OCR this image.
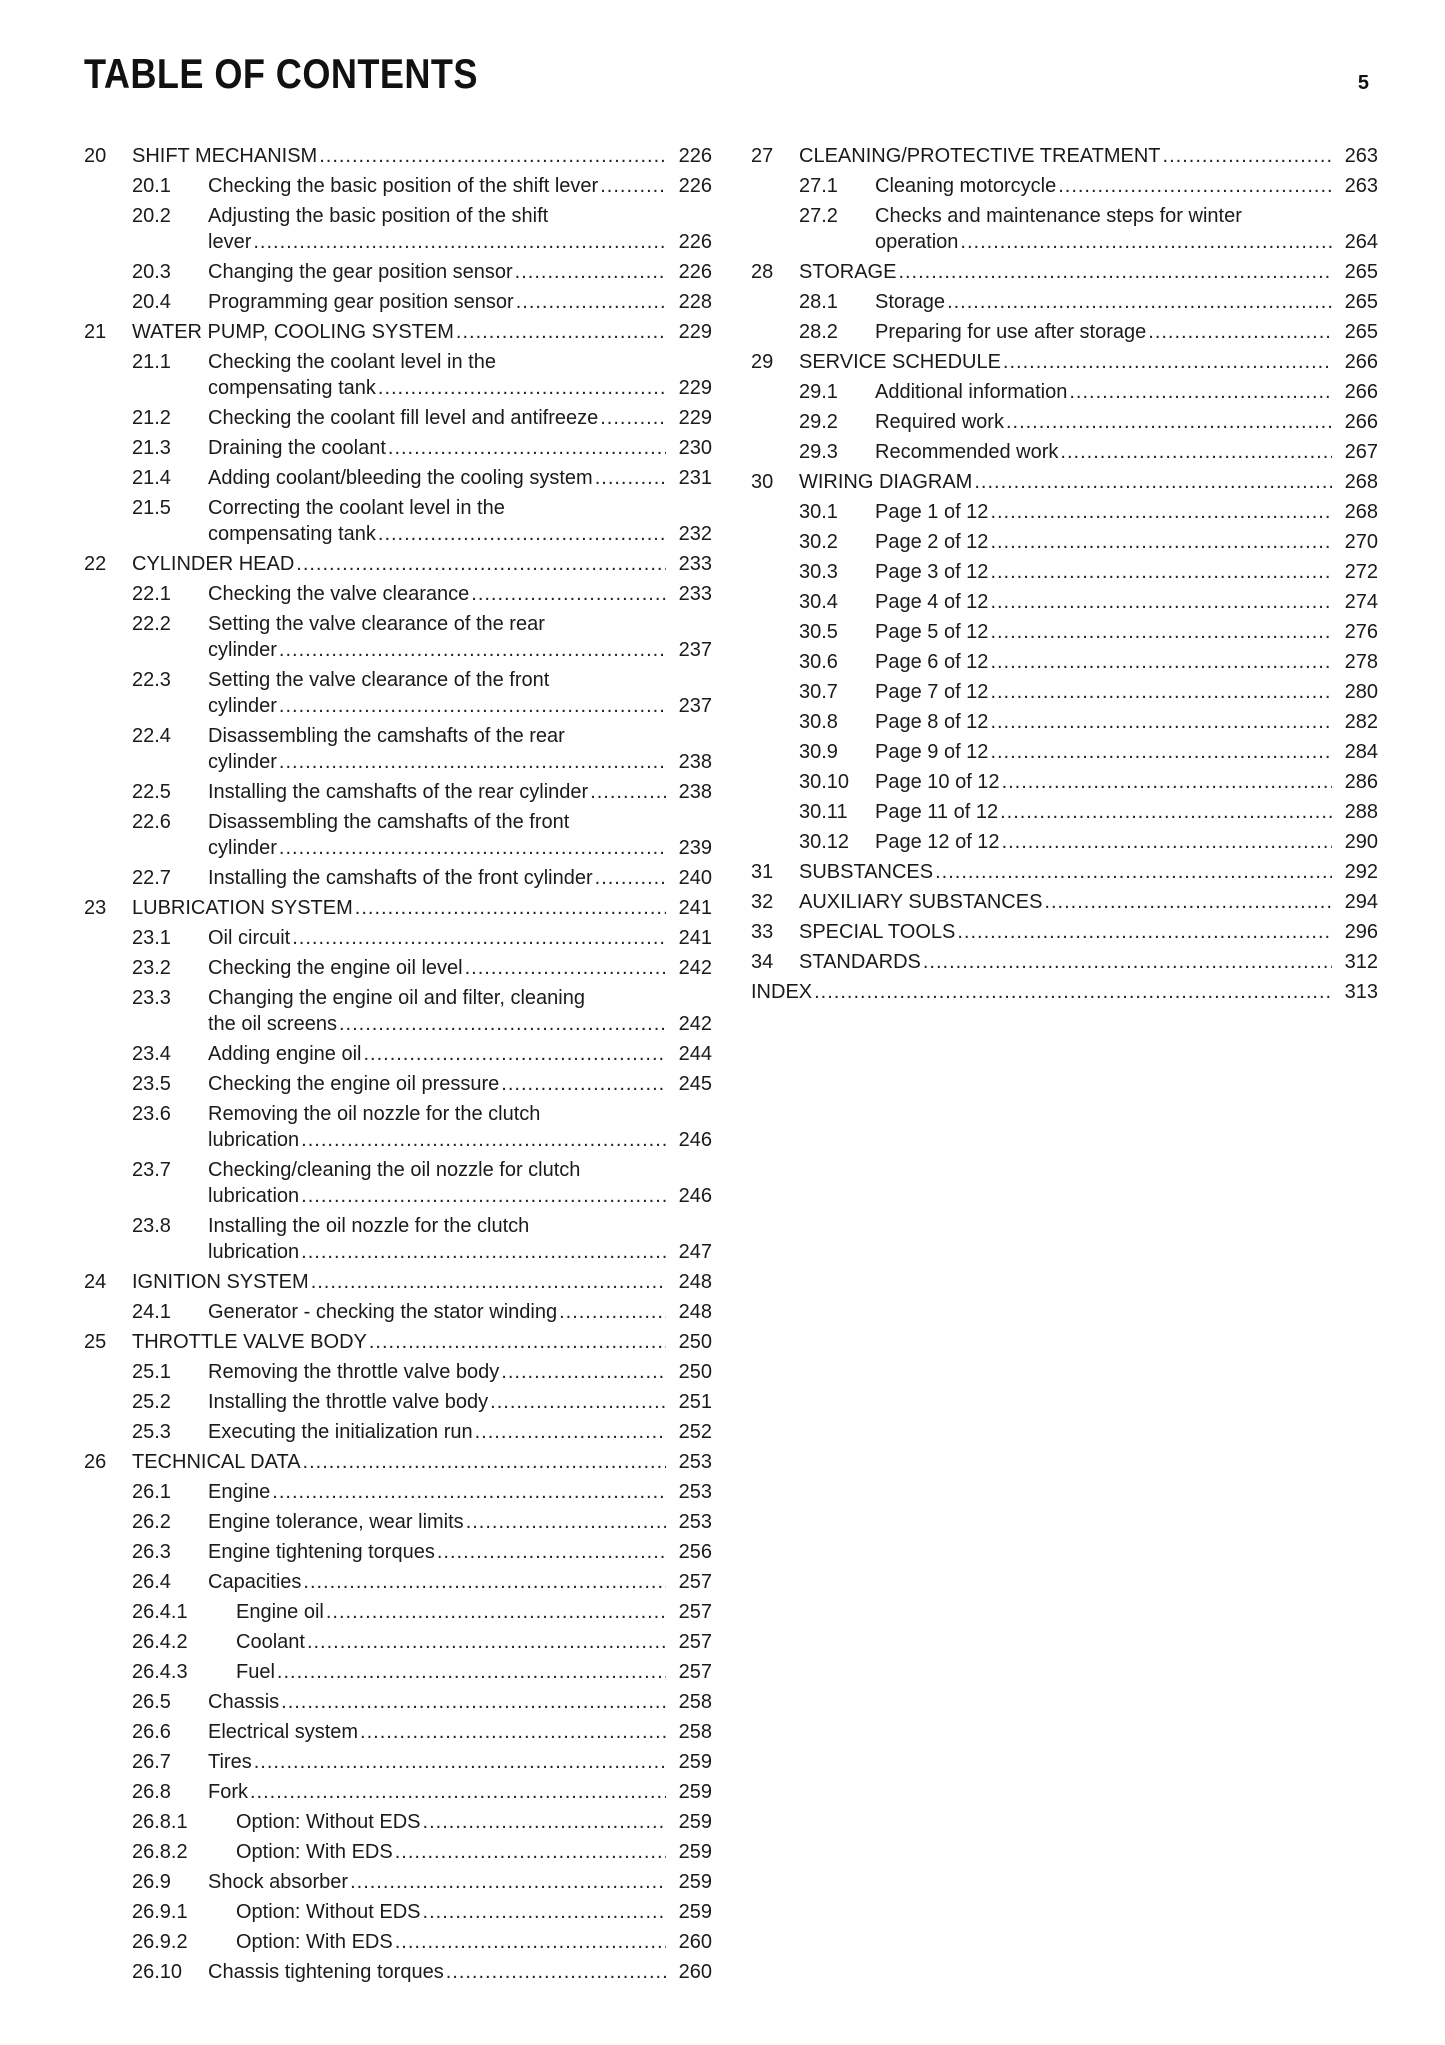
TABLE OF CONTENTS	5
20 SHIFT MECHANISM .....	226
20.1 Checking the basic position of the shift lever .....	226
20.2 Adjusting the basic position of the shift
lever .....	226
20.3 Changing the gear position sensor .....	226
20.4 Programming gear position sensor .....	228
21 WATER PUMP, COOLING SYSTEM .....	229
21.1 Checking the coolant level in the
compensating tank .....	229
21.2 Checking the coolant fill level and antifreeze .....	229
21.3 Draining the coolant .....	230
21.4 Adding coolant/bleeding the cooling system .....	231
21.5 Correcting the coolant level in the
compensating tank .....	232
22 CYLINDER HEAD .....	233
22.1 Checking the valve clearance .....	233
22.2 Setting the valve clearance of the rear
cylinder .....	237
22.3 Setting the valve clearance of the front
cylinder .....	237
22.4 Disassembling the camshafts of the rear
cylinder .....	238
22.5 Installing the camshafts of the rear cylinder .....	238
22.6 Disassembling the camshafts of the front
cylinder .....	239
22.7 Installing the camshafts of the front cylinder .....	240
23 LUBRICATION SYSTEM .....	241
23.1 Oil circuit .....	241
23.2 Checking the engine oil level .....	242
23.3 Changing the engine oil and filter, cleaning
the oil screens .....	242
23.4 Adding engine oil .....	244
23.5 Checking the engine oil pressure .....	245
23.6 Removing the oil nozzle for the clutch
lubrication .....	246
23.7 Checking/cleaning the oil nozzle for clutch
lubrication .....	246
23.8 Installing the oil nozzle for the clutch
lubrication .....	247
24 IGNITION SYSTEM .....	248
24.1 Generator - checking the stator winding .....	248
25 THROTTLE VALVE BODY .....	250
25.1 Removing the throttle valve body .....	250
25.2 Installing the throttle valve body .....	251
25.3 Executing the initialization run .....	252
26 TECHNICAL DATA .....	253
26.1 Engine .....	253
26.2 Engine tolerance, wear limits .....	253
26.3 Engine tightening torques .....	256
26.4 Capacities .....	257
26.4.1 Engine oil .....	257
26.4.2 Coolant .....	257
26.4.3 Fuel .....	257
26.5 Chassis .....	258
26.6 Electrical system .....	258
26.7 Tires .....	259
26.8 Fork .....	259
26.8.1 Option: Without EDS .....	259
26.8.2 Option: With EDS .....	259
26.9 Shock absorber .....	259
26.9.1 Option: Without EDS .....	259
26.9.2 Option: With EDS .....	260
26.10 Chassis tightening torques .....	260
27 CLEANING/PROTECTIVE TREATMENT .....	263
27.1 Cleaning motorcycle .....	263
27.2 Checks and maintenance steps for winter
operation .....	264
28 STORAGE .....	265
28.1 Storage .....	265
28.2 Preparing for use after storage .....	265
29 SERVICE SCHEDULE .....	266
29.1 Additional information .....	266
29.2 Required work .....	266
29.3 Recommended work .....	267
30 WIRING DIAGRAM .....	268
30.1 Page 1 of 12 .....	268
30.2 Page 2 of 12 .....	270
30.3 Page 3 of 12 .....	272
30.4 Page 4 of 12 .....	274
30.5 Page 5 of 12 .....	276
30.6 Page 6 of 12 .....	278
30.7 Page 7 of 12 .....	280
30.8 Page 8 of 12 .....	282
30.9 Page 9 of 12 .....	284
30.10 Page 10 of 12 .....	286
30.11 Page 11 of 12 .....	288
30.12 Page 12 of 12 .....	290
31 SUBSTANCES .....	292
32 AUXILIARY SUBSTANCES .....	294
33 SPECIAL TOOLS .....	296
34 STANDARDS .....	312
INDEX .....	313
